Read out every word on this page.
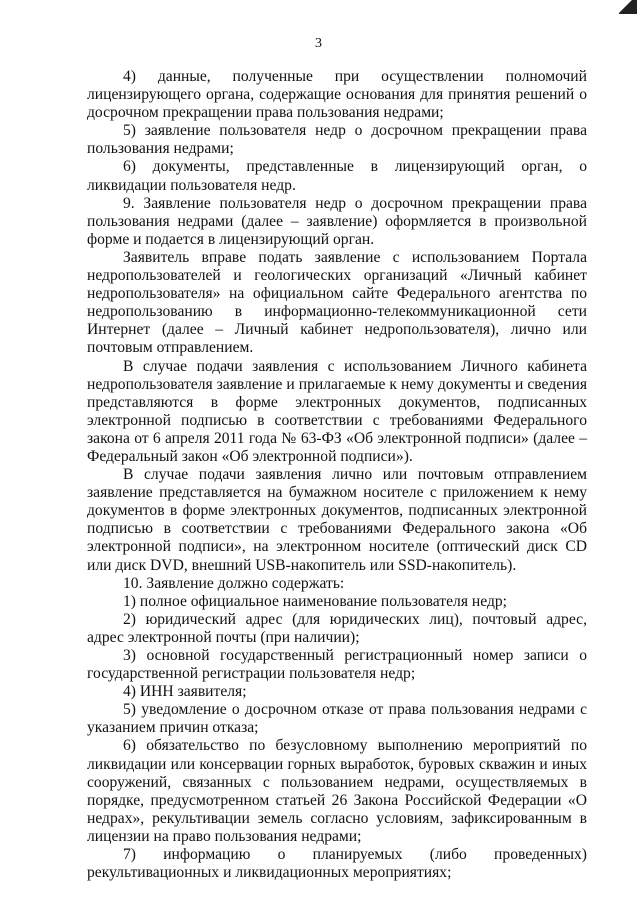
3

4) данные, полученные при осуществлении полномочий лицензирующего органа, содержащие основания для принятия решений о досрочном прекращении права пользования недрами;

5) заявление пользователя недр о досрочном прекращении права пользования недрами;

6) документы, представленные в лицензирующий орган, о ликвидации пользователя недр.

9. Заявление пользователя недр о досрочном прекращении права пользования недрами (далее – заявление) оформляется в произвольной форме и подается в лицензирующий орган.

Заявитель вправе подать заявление с использованием Портала недропользователей и геологических организаций «Личный кабинет недропользователя» на официальном сайте Федерального агентства по недропользованию в информационно-телекоммуникационной сети Интернет (далее – Личный кабинет недропользователя), лично или почтовым отправлением.

В случае подачи заявления с использованием Личного кабинета недропользователя заявление и прилагаемые к нему документы и сведения представляются в форме электронных документов, подписанных электронной подписью в соответствии с требованиями Федерального закона от 6 апреля 2011 года № 63-ФЗ «Об электронной подписи» (далее – Федеральный закон «Об электронной подписи»).

В случае подачи заявления лично или почтовым отправлением заявление представляется на бумажном носителе с приложением к нему документов в форме электронных документов, подписанных электронной подписью в соответствии с требованиями Федерального закона «Об электронной подписи», на электронном носителе (оптический диск CD или диск DVD, внешний USB-накопитель или SSD-накопитель).

10. Заявление должно содержать:

1) полное официальное наименование пользователя недр;

2) юридический адрес (для юридических лиц), почтовый адрес, адрес электронной почты (при наличии);

3) основной государственный регистрационный номер записи о государственной регистрации пользователя недр;

4) ИНН заявителя;

5) уведомление о досрочном отказе от права пользования недрами с указанием причин отказа;

6) обязательство по безусловному выполнению мероприятий по ликвидации или консервации горных выработок, буровых скважин и иных сооружений, связанных с пользованием недрами, осуществляемых в порядке, предусмотренном статьей 26 Закона Российской Федерации «О недрах», рекультивации земель согласно условиям, зафиксированным в лицензии на право пользования недрами;

7) информацию о планируемых (либо проведенных) рекультивационных и ликвидационных мероприятиях;
